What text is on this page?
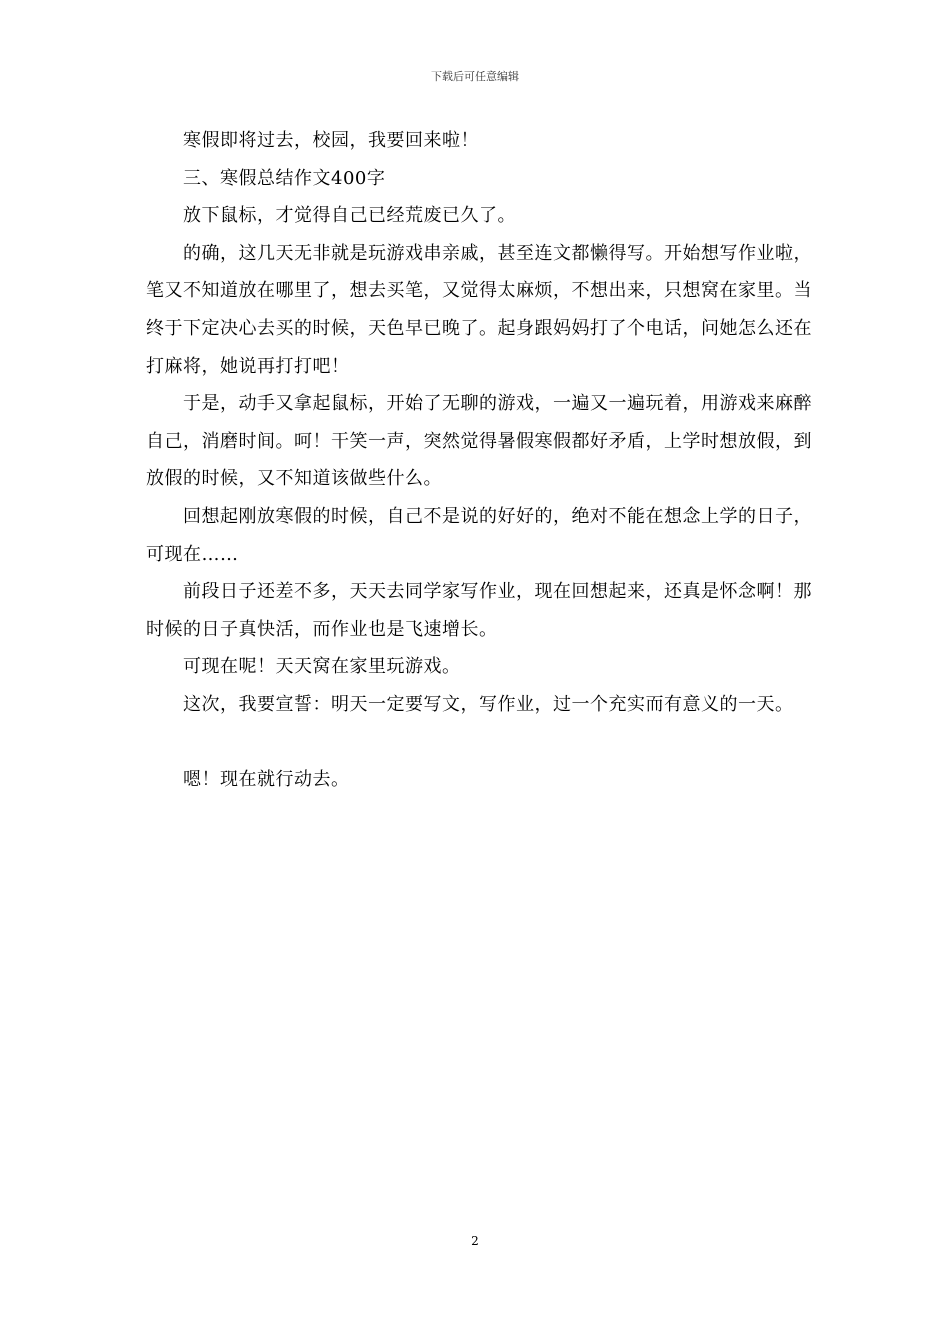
下载后可任意编辑

寒假即将过去，校园，我要回来啦！

三、寒假总结作文400字

放下鼠标，才觉得自己已经荒废已久了。

的确，这几天无非就是玩游戏串亲戚，甚至连文都懒得写。开始想写作业啦，笔又不知道放在哪里了，想去买笔，又觉得太麻烦，不想出来，只想窝在家里。当终于下定决心去买的时候，天色早已晚了。起身跟妈妈打了个电话，问她怎么还在打麻将，她说再打打吧！

于是，动手又拿起鼠标，开始了无聊的游戏，一遍又一遍玩着，用游戏来麻醉自己，消磨时间。呵！干笑一声，突然觉得暑假寒假都好矛盾，上学时想放假，到放假的时候，又不知道该做些什么。

回想起刚放寒假的时候，自己不是说的好好的，绝对不能在想念上学的日子，可现在……

前段日子还差不多，天天去同学家写作业，现在回想起来，还真是怀念啊！那时候的日子真快活，而作业也是飞速增长。

可现在呢！天天窝在家里玩游戏。

这次，我要宣誓：明天一定要写文，写作业，过一个充实而有意义的一天。

嗯！现在就行动去。

2
